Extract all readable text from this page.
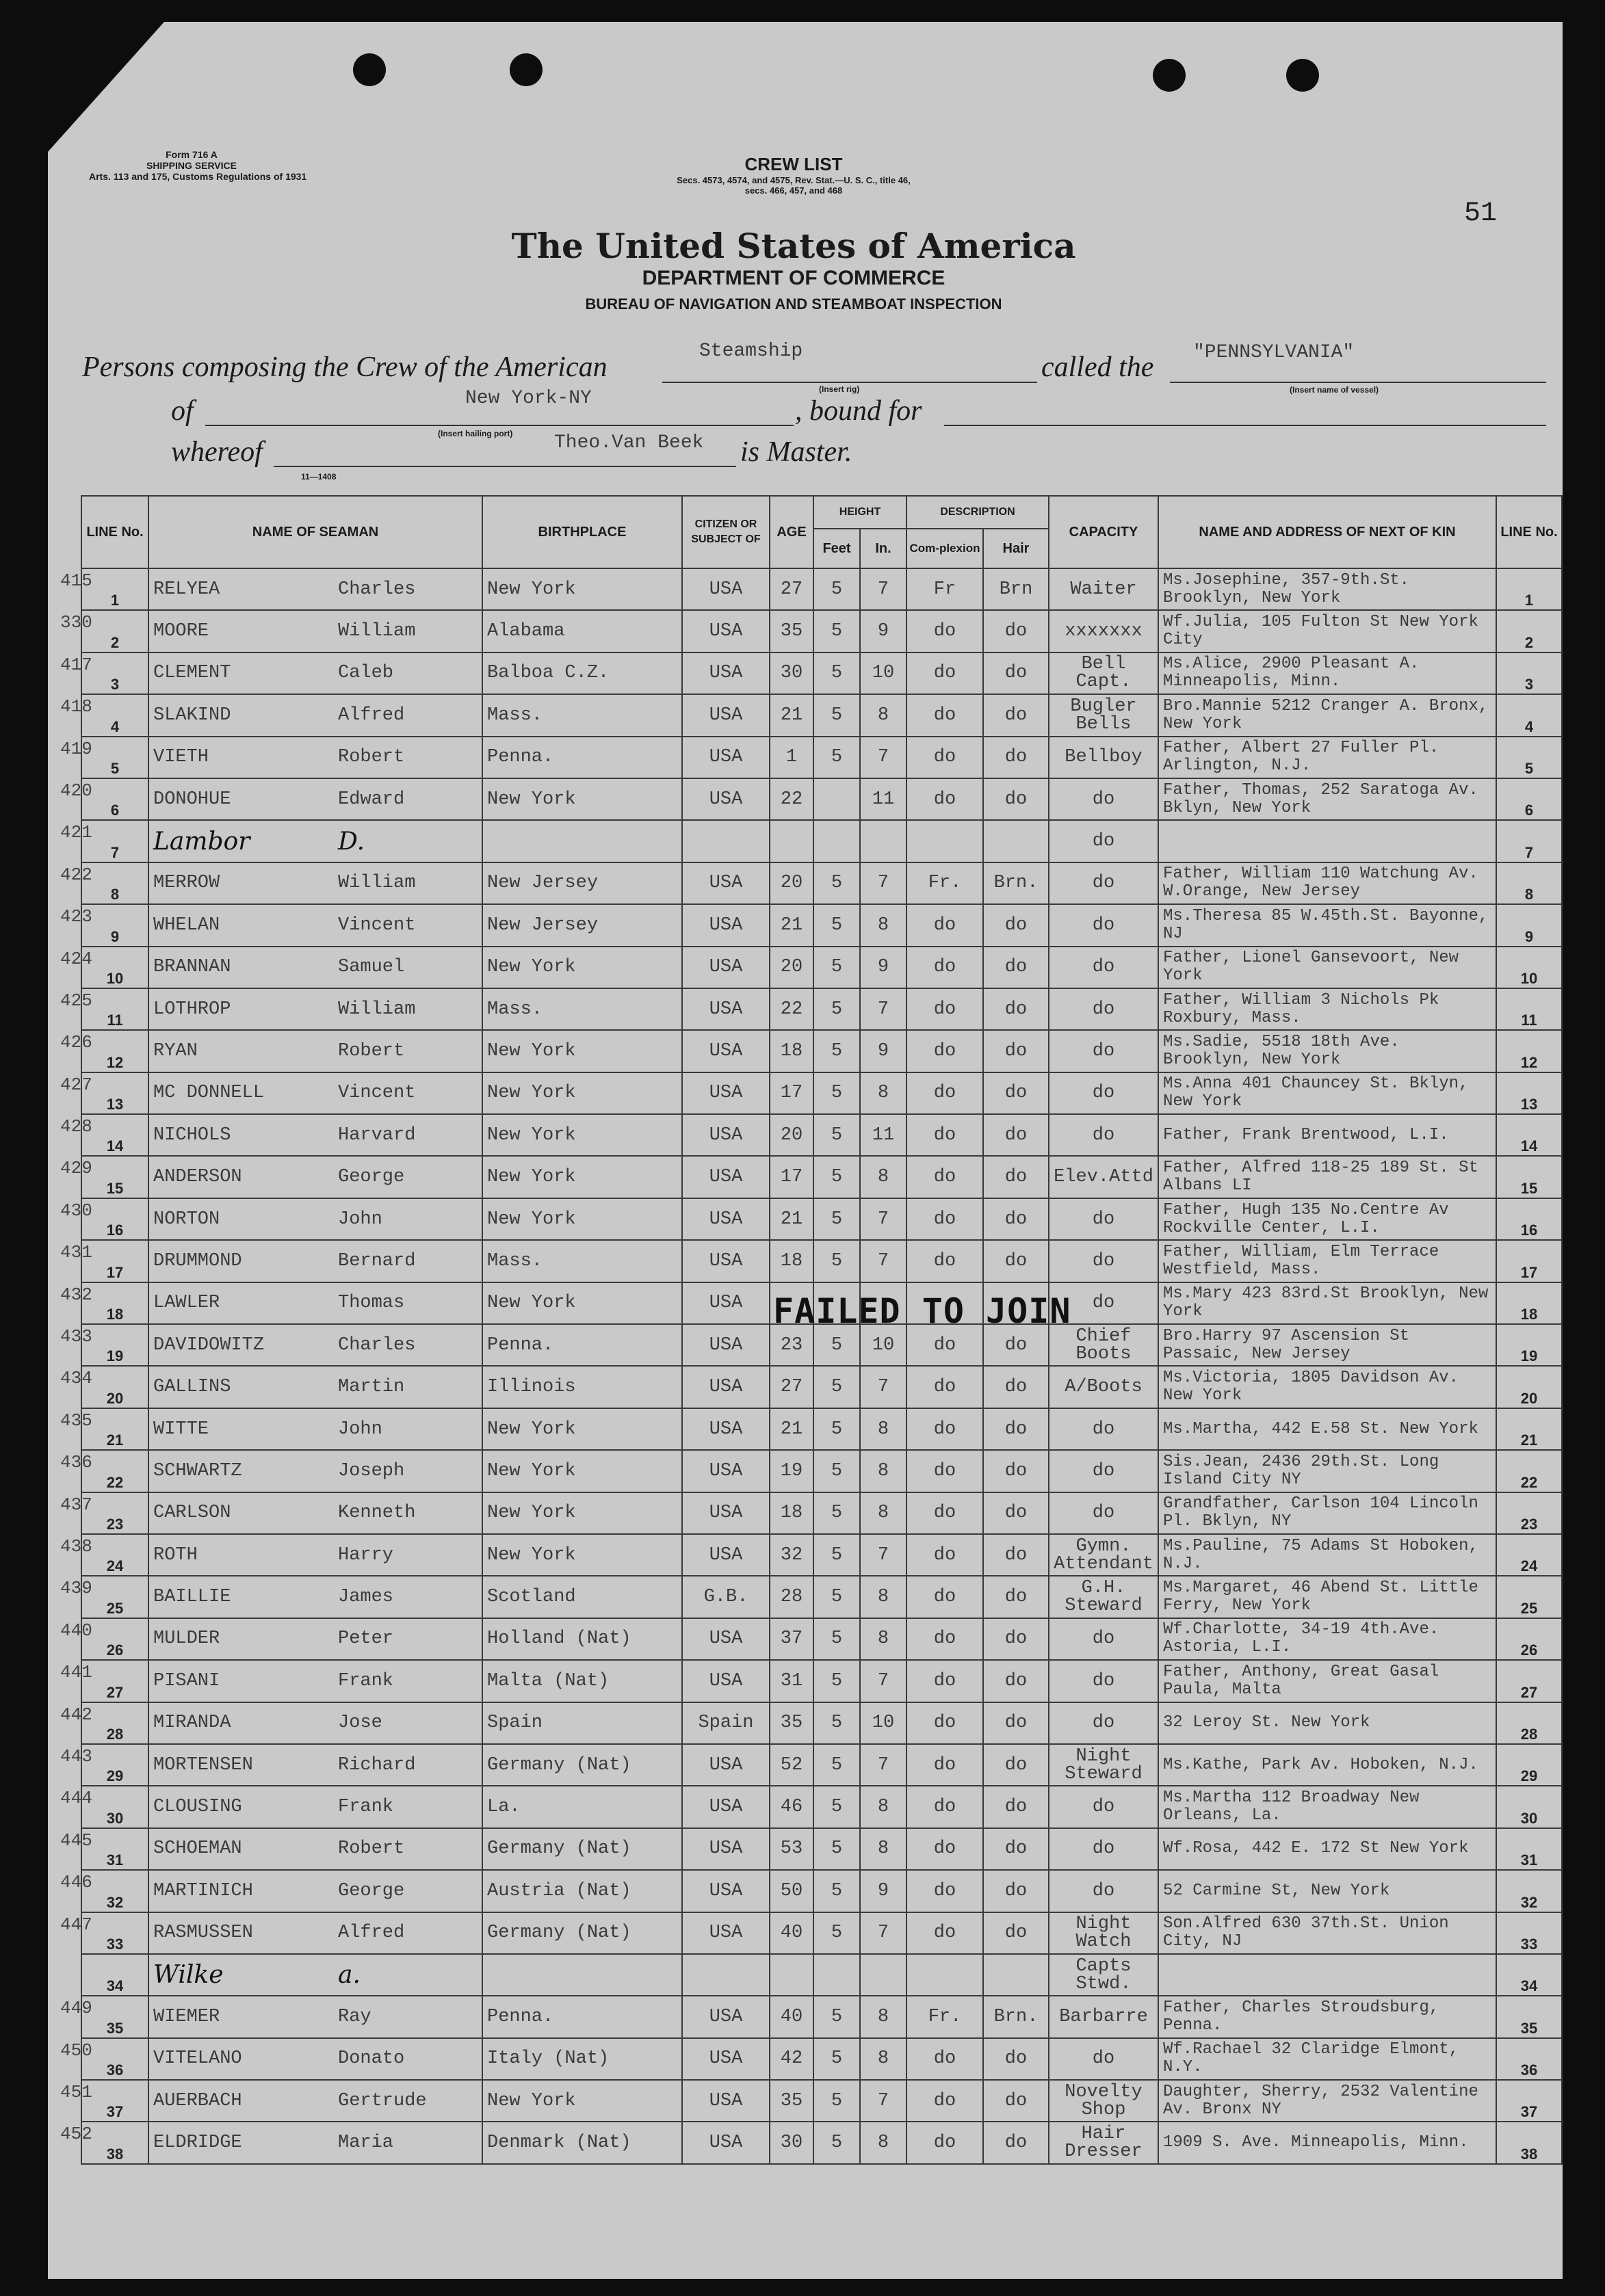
Form 716 A
SHIPPING SERVICE
Arts. 113 and 175, Customs Regulations of 1931
CREW LIST
Secs. 4573, 4574, and 4575, Rev. Stat.—U. S. C., title 46,
secs. 466, 457, and 468
51
The United States of America
DEPARTMENT OF COMMERCE
BUREAU OF NAVIGATION AND STEAMBOAT INSPECTION
Persons composing the Crew of the American
Steamship
called the "PENNSYLVANIA"
(Insert name of vessel)
of	New York-NY	(Insert rig)
, bound for
whereof
(Insert hailing port) Theo.Van Beek is Master.
11—1408
LINE No.	NAME OF SEAMAN	BIRTHPLACE	CITIZEN OR SUBJECT OF	AGE	HEIGHT		DESCRIPTION		CAPACITY	NAME AND ADDRESS OF NEXT OF KIN	LINE No.
					Feet	In.	Com-plexion	Hair			
1	RELYEA Charles	New York	USA	27	5	7	Fr	Brn	Waiter	Ms.Josephine, 357-9th.St. Brooklyn, New York	1
2	MOORE William	Alabama	USA	35	5	9	do	do	xxxxxxx	Wf.Julia, 105 Fulton St New York City	2
3	CLEMENT Caleb	Balboa C.Z.	USA	30	5	10	do	do	Bell Capt.	Ms.Alice, 2900 Pleasant A. Minneapolis, Minn.	3
4	SLAKIND Alfred	Mass.	USA	21	5	8	do	do	Bugler Bells	Bro.Mannie 5212 Cranger A. Bronx, New York	4
5	VIETH Robert	Penna.	USA	1	5	7	do	do	Bellboy	Father, Albert 27 Fuller Pl. Arlington, N.J.	5
6	DONOHUE Edward	New York	USA	22		11	do	do	do	Father, Thomas, 252 Saratoga Av. Bklyn, New York	6
7	Lambor D.								do		7
8	MERROW William	New Jersey	USA	20	5	7	Fr.	Brn.	do	Father, William 110 Watchung Av. W.Orange, New Jersey	8
9	WHELAN Vincent	New Jersey	USA	21	5	8	do	do	do	Ms.Theresa 85 W.45th.St. Bayonne, NJ	9
10	BRANNAN Samuel	New York	USA	20	5	9	do	do	do	Father, Lionel Gansevoort, New York	10
11	LOTHROP William	Mass.	USA	22	5	7	do	do	do	Father, William 3 Nichols Pk Roxbury, Mass.	11
12	RYAN Robert	New York	USA	18	5	9	do	do	do	Ms.Sadie, 5518 18th Ave. Brooklyn, New York	12
13	MC DONNELL Vincent	New York	USA	17	5	8	do	do	do	Ms.Anna 401 Chauncey St. Bklyn, New York	13
14	NICHOLS Harvard	New York	USA	20	5	11	do	do	do	Father, Frank Brentwood, L.I.	14
15	ANDERSON George	New York	USA	17	5	8	do	do	Elev.Attd	Father, Alfred 118-25 189 St. St Albans LI	15
16	NORTON John	New York	USA	21	5	7	do	do	do	Father, Hugh 135 No.Centre Av Rockville Center, L.I.	16
17	DRUMMOND Bernard	Mass.	USA	18	5	7	do	do	do	Father, William, Elm Terrace Westfield, Mass.	17
18	LAWLER Thomas	New York	USA						do	Ms.Mary 423 83rd.St Brooklyn, New York	18
19	DAVIDOWITZ Charles	Penna.	USA	23	5	10	do	do	Chief Boots	Bro.Harry 97 Ascension St Passaic, New Jersey	19
20	GALLINS Martin	Illinois	USA	27	5	7	do	do	A/Boots	Ms.Victoria, 1805 Davidson Av. New York	20
21	WITTE John	New York	USA	21	5	8	do	do	do	Ms.Martha, 442 E.58 St. New York	21
22	SCHWARTZ Joseph	New York	USA	19	5	8	do	do	do	Sis.Jean, 2436 29th.St. Long Island City NY	22
23	CARLSON Kenneth	New York	USA	18	5	8	do	do	do	Grandfather, Carlson 104 Lincoln Pl. Bklyn, NY	23
24	ROTH Harry	New York	USA	32	5	7	do	do	Gymn. Attendant	Ms.Pauline, 75 Adams St Hoboken, N.J.	24
25	BAILLIE James	Scotland	G.B.	28	5	8	do	do	G.H. Steward	Ms.Margaret, 46 Abend St. Little Ferry, New York	25
26	MULDER Peter	Holland (Nat)	USA	37	5	8	do	do	do	Wf.Charlotte, 34-19 4th.Ave. Astoria, L.I.	26
27	PISANI Frank	Malta (Nat)	USA	31	5	7	do	do	do	Father, Anthony, Great Gasal Paula, Malta	27
28	MIRANDA Jose	Spain	Spain	35	5	10	do	do	do	32 Leroy St. New York	28
29	MORTENSEN Richard	Germany (Nat)	USA	52	5	7	do	do	Night Steward	Ms.Kathe, Park Av. Hoboken, N.J.	29
30	CLOUSING Frank	La.	USA	46	5	8	do	do	do	Ms.Martha 112 Broadway New Orleans, La.	30
31	SCHOEMAN Robert	Germany (Nat)	USA	53	5	8	do	do	do	Wf.Rosa, 442 E. 172 St New York	31
32	MARTINICH George	Austria (Nat)	USA	50	5	9	do	do	do	52 Carmine St, New York	32
33	RASMUSSEN Alfred	Germany (Nat)	USA	40	5	7	do	do	Night Watch	Son.Alfred 630 37th.St. Union City, NJ	33
34	Wilke a.								Capts Stwd.		34
35	WIEMER Ray	Penna.	USA	40	5	8	Fr.	Brn.	Barbarre	Father, Charles Stroudsburg, Penna.	35
36	VITELANO Donato	Italy (Nat)	USA	42	5	8	do	do	do	Wf.Rachael 32 Claridge Elmont, N.Y.	36
37	AUERBACH Gertrude	New York	USA	35	5	7	do	do	Novelty Shop	Daughter, Sherry, 2532 Valentine Av. Bronx NY	37
38	ELDRIDGE Maria	Denmark (Nat)	USA	30	5	8	do	do	Hair Dresser	1909 S. Ave. Minneapolis, Minn.	38
FAILED TO JOIN
415
330
417
418
419
420
421
422
423
424
425
426
427
428
429
430
431
432
433
434
435
436
437
438
439
440
441
442
443
444
445
446
447
449
450
451
452
